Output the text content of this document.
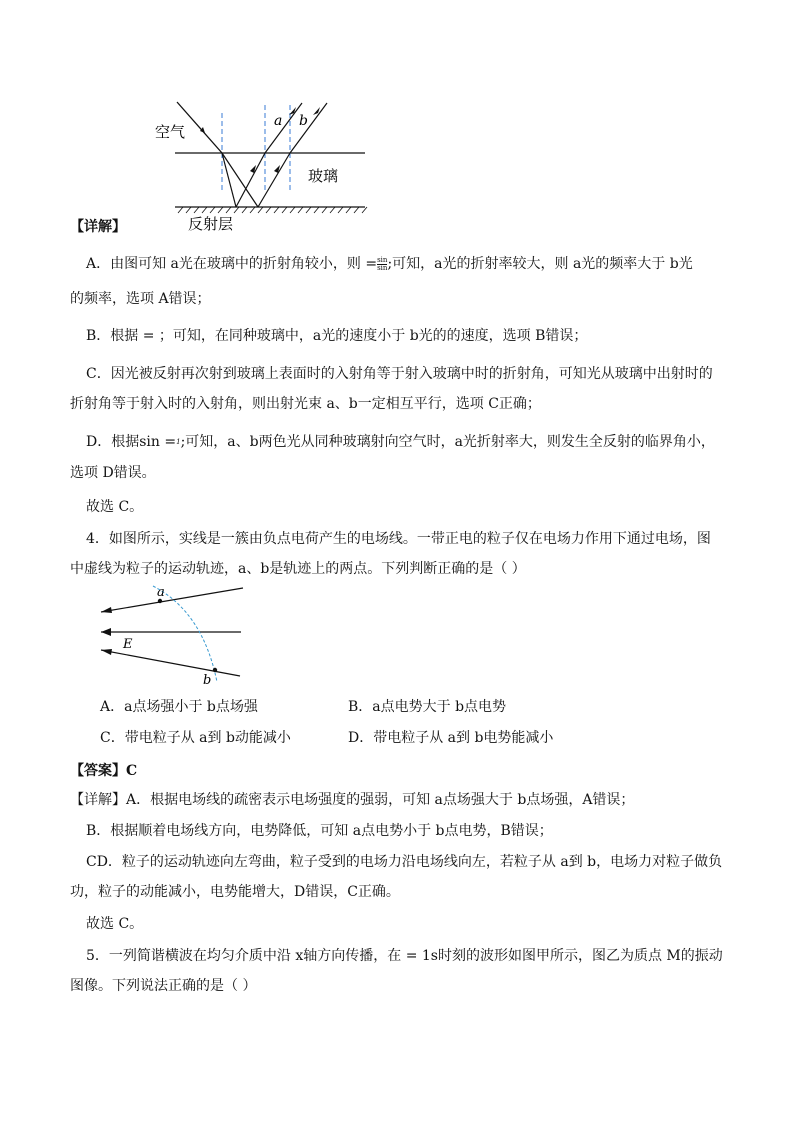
空气
玻璃
反射层
a b
【详解】
A．由图可知 a光在玻璃中的折射角较小，则 = $\frac{\sin}{\sin}$ ;可知，a光的折射率较大，则 a光的频率大于 b光
的频率，选项 A错误；
B．根据 = ；可知，在同种玻璃中，a光的速度小于 b光的的速度，选项 B错误；
C．因光被反射再次射到玻璃上表面时的入射角等于射入玻璃中时的折射角，可知光从玻璃中出射时的
折射角等于射入时的入射角，则出射光束 a、b一定相互平行，选项 C正确；
D．根据sin = 1 ;可知，a、b两色光从同种玻璃射向空气时，a光折射率大，则发生全反射的临界角小，
选项 D错误。
故选 C。
4．如图所示，实线是一簇由负点电荷产生的电场线。一带正电的粒子仅在电场力作用下通过电场，图
中虚线为粒子的运动轨迹，a、b是轨迹上的两点。下列判断正确的是（ ）
a
E
b
A．a点场强小于 b点场强	B．a点电势大于 b点电势
C．带电粒子从 a到 b动能减小	D．带电粒子从 a到 b电势能减小
【答案】C
【详解】A．根据电场线的疏密表示电场强度的强弱，可知 a点场强大于 b点场强，A错误；
B．根据顺着电场线方向，电势降低，可知 a点电势小于 b点电势，B错误；
CD．粒子的运动轨迹向左弯曲，粒子受到的电场力沿电场线向左，若粒子从 a到 b，电场力对粒子做负
功，粒子的动能减小，电势能增大，D错误，C正确。
故选 C。
5．一列简谐横波在均匀介质中沿 x轴方向传播，在 = 1s时刻的波形如图甲所示，图乙为质点 M的振动
图像。下列说法正确的是（ ）
